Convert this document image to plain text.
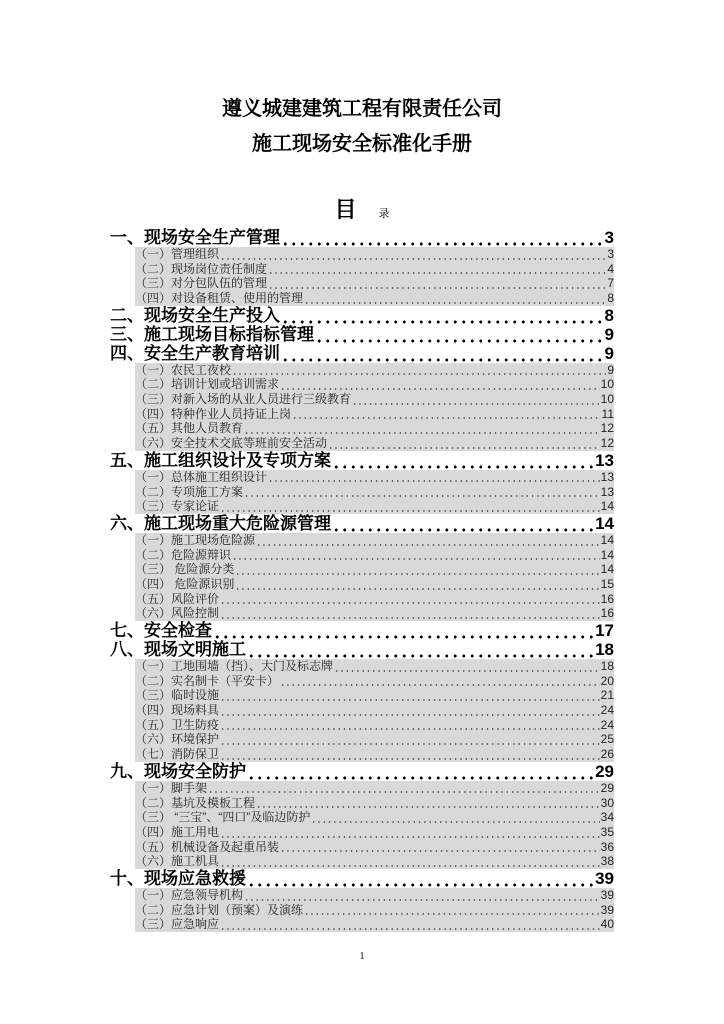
遵义城建建筑工程有限责任公司
施工现场安全标准化手册
目 录
一、现场安全生产管理	3
（一）管理组织	3
（二）现场岗位责任制度	4
（三）对分包队伍的管理	7
（四）对设备租赁、使用的管理	8
二、现场安全生产投入	8
三、施工现场目标指标管理	9
四、安全生产教育培训	9
（一）农民工夜校	9
（二）培训计划或培训需求	10
（三）对新入场的从业人员进行三级教育	10
（四）特种作业人员持证上岗	11
（五）其他人员教育	12
（六）安全技术交底等班前安全活动	12
五、施工组织设计及专项方案	13
（一）总体施工组织设计	13
（二）专项施工方案	13
（三）专家论证	14
六、施工现场重大危险源管理	14
（一）施工现场危险源	14
（二）危险源辩识	14
（三） 危险源分类	14
（四） 危险源识别	15
（五）风险评价	16
（六）风险控制	16
七、安全检查	17
八、现场文明施工	18
（一）工地围墙（挡）、大门及标志牌	18
（二）实名制卡（平安卡）	20
（三）临时设施	21
（四）现场料具	24
（五）卫生防疫	24
（六）环境保护	25
（七）消防保卫	26
九、现场安全防护	29
（一）脚手架	29
（二）基坑及模板工程	30
（三） “三宝”、“四口”及临边防护	34
（四）施工用电	35
（五）机械设备及起重吊装	36
（六）施工机具	38
十、现场应急救援	39
（一）应急领导机构	39
（二）应急计划（预案）及演练	39
（三）应急响应	40
1
